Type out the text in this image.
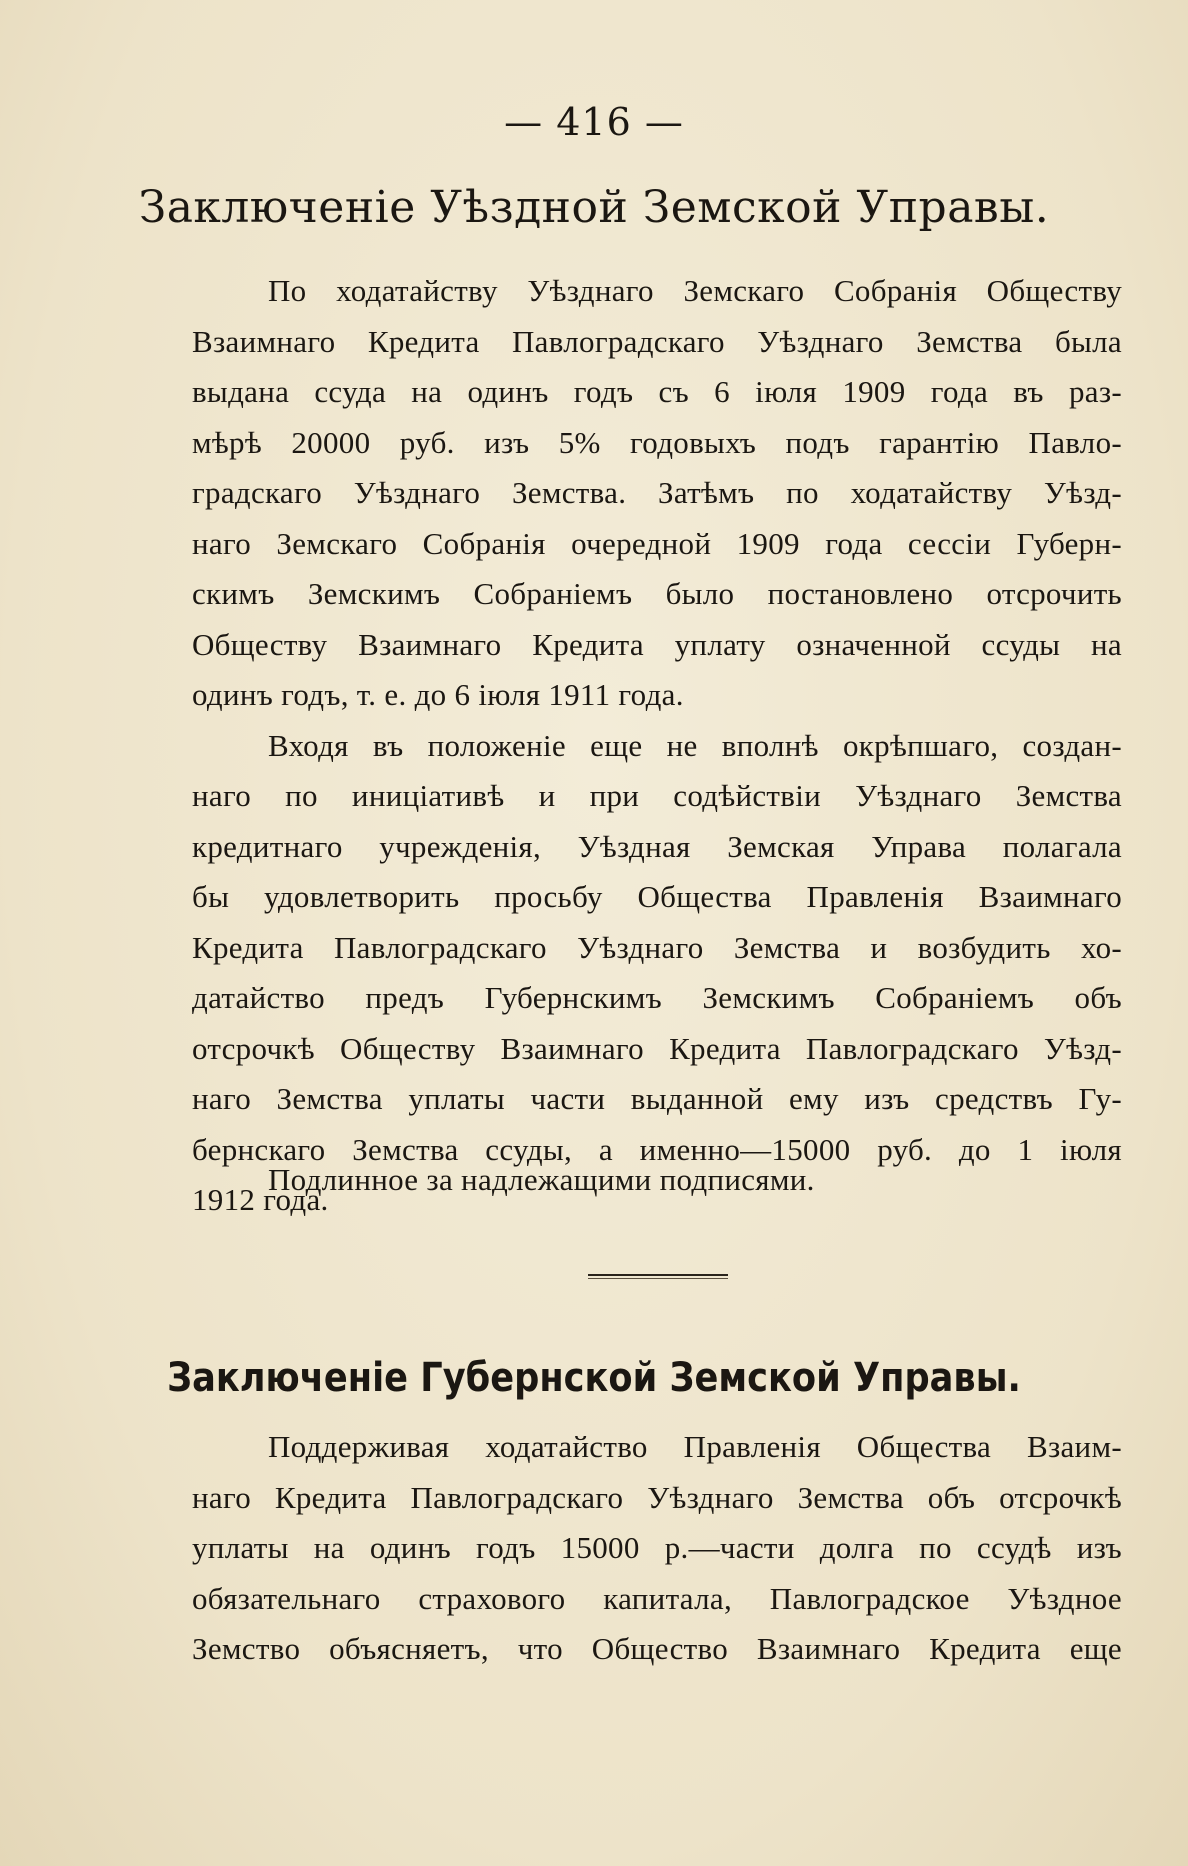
— 416 —
Заключеніе Уѣздной Земской Управы.
По ходатайству Уѣзднаго Земскаго Собранія Обществу
Взаимнаго Кредита Павлоградскаго Уѣзднаго Земства была
выдана ссуда на одинъ годъ съ 6 іюля 1909 года въ раз-
мѣрѣ 20000 руб. изъ 5% годовыхъ подъ гарантію Павло-
градскаго Уѣзднаго Земства. Затѣмъ по ходатайству Уѣзд-
наго Земскаго Собранія очередной 1909 года сессіи Губерн-
скимъ Земскимъ Собраніемъ было постановлено отсрочить
Обществу Взаимнаго Кредита уплату означенной ссуды на
одинъ годъ, т. е. до 6 іюля 1911 года.
Входя въ положеніе еще не вполнѣ окрѣпшаго, создан-
наго по иниціативѣ и при содѣйствіи Уѣзднаго Земства
кредитнаго учрежденія, Уѣздная Земская Управа полагала
бы удовлетворить просьбу Общества Правленія Взаимнаго
Кредита Павлоградскаго Уѣзднаго Земства и возбудить хо-
датайство предъ Губернскимъ Земскимъ Собраніемъ объ
отсрочкѣ Обществу Взаимнаго Кредита Павлоградскаго Уѣзд-
наго Земства уплаты части выданной ему изъ средствъ Гу-
бернскаго Земства ссуды, а именно—15000 руб. до 1 іюля
1912 года.
Подлинное за надлежащими подписями.
Заключеніе Губернской Земской Управы.
Поддерживая ходатайство Правленія Общества Взаим-
наго Кредита Павлоградскаго Уѣзднаго Земства объ отсрочкѣ
уплаты на одинъ годъ 15000 р.—части долга по ссудѣ изъ
обязательнаго страхового капитала, Павлоградское Уѣздное
Земство объясняетъ, что Общество Взаимнаго Кредита еще
